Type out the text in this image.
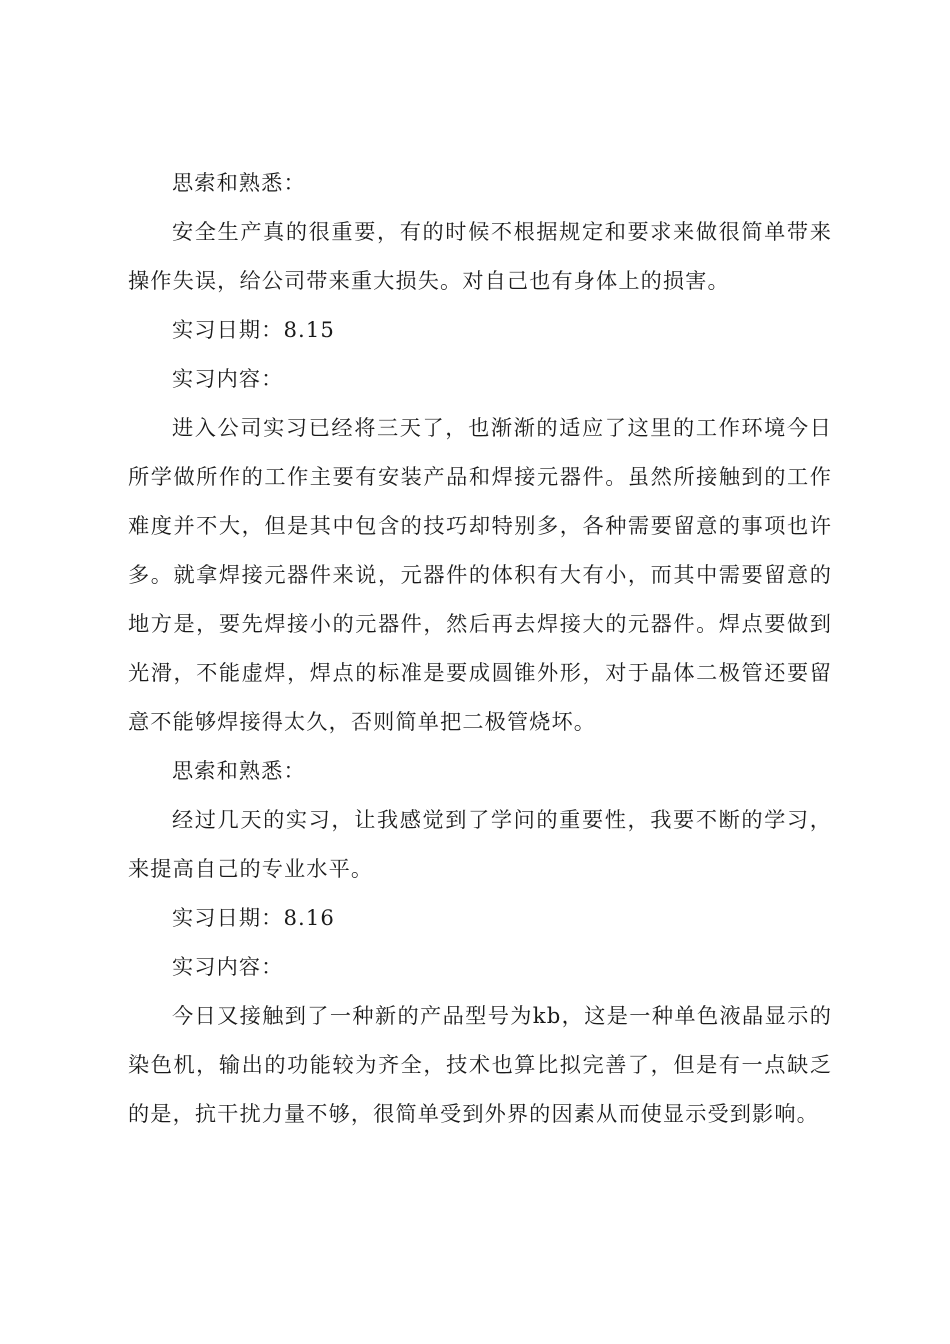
思索和熟悉：

安全生产真的很重要，有的时候不根据规定和要求来做很简单带来操作失误，给公司带来重大损失。对自己也有身体上的损害。

实习日期：8.15

实习内容：

进入公司实习已经将三天了，也渐渐的适应了这里的工作环境今日所学做所作的工作主要有安装产品和焊接元器件。虽然所接触到的工作难度并不大，但是其中包含的技巧却特别多，各种需要留意的事项也许多。就拿焊接元器件来说，元器件的体积有大有小，而其中需要留意的地方是，要先焊接小的元器件，然后再去焊接大的元器件。焊点要做到光滑，不能虚焊，焊点的标准是要成圆锥外形，对于晶体二极管还要留意不能够焊接得太久，否则简单把二极管烧坏。

思索和熟悉：

经过几天的实习，让我感觉到了学问的重要性，我要不断的学习，来提高自己的专业水平。

实习日期：8.16

实习内容：

今日又接触到了一种新的产品型号为kb，这是一种单色液晶显示的染色机，输出的功能较为齐全，技术也算比拟完善了，但是有一点缺乏的是，抗干扰力量不够，很简单受到外界的因素从而使显示受到影响。
